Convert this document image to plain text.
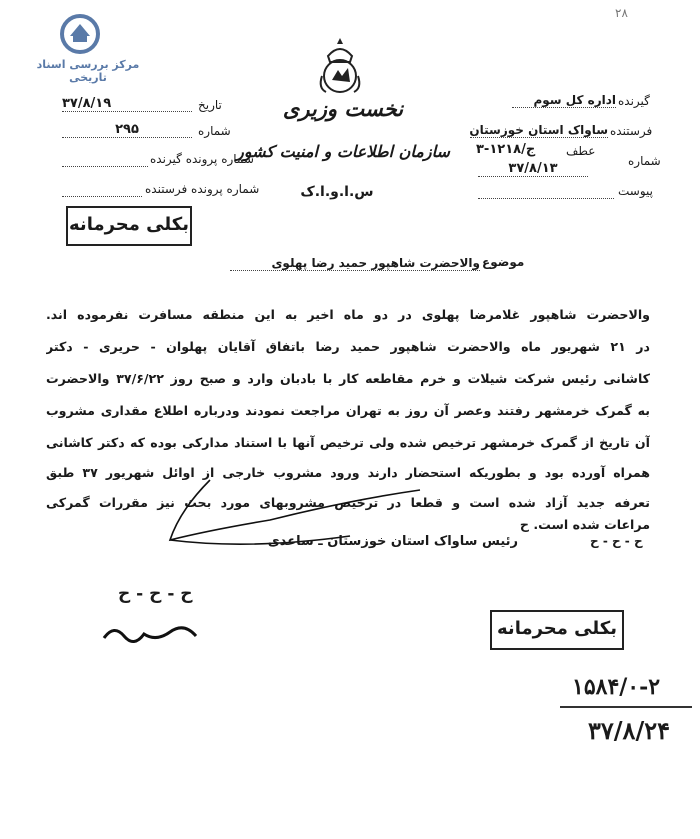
مرکز بررسی اسناد تاریخی
۲۸
نخست وزیری
سازمان اطلاعات و امنیت کشور
س.ا.و.ا.ک
تاریخ
۳۷/۸/۱۹
شماره
۲۹۵
شماره پرونده گیرنده
شماره پرونده فرستنده
گیرنده
اداره کل سوم
فرستنده
ساواک استان خوزستان
عطف
۳-۱۲۱۸/ج
شماره
۳۷/۸/۱۳
پیوست
بکلی محرمانه
موضوع
والاحضرت شاهپور حمید رضا پهلوی
والاحضرت شاهپور غلامرضا پهلوی در دو ماه اخیر به این منطقه مسافرت نفرموده اند.
در ۲۱ شهریور ماه والاحضرت شاهپور حمید رضا باتفاق آقایان پهلوان - حریری - دکتر
کاشانی رئیس شرکت شیلات و خرم مقاطعه کار با بادبان وارد و صبح روز ۳۷/۶/۲۲ والاحضرت
به گمرک خرمشهر رفتند وعصر آن روز به تهران مراجعت نمودند ودرباره اطلاع مقداری مشروب
آن تاریخ از گمرک خرمشهر ترخیص شده ولی ترخیص آنها با استناد مدارکی بوده که دکتر کاشانی
همراه آورده بود و بطوریکه استحضار دارند ورود مشروب خارجی از اوائل شهریور ۳۷ طبق
تعرفه جدید آزاد شده است و قطعا در ترخیص مشروبهای مورد بحث نیز مقررات گمرکی
مراعات شده است. ح
ح - ح - ح
رئیس ساواک استان خوزستان ـ ساعدی
ح - ح - ح
بکلی محرمانه
۱۵۸۴/۰-۲
۳۷/۸/۲۴
